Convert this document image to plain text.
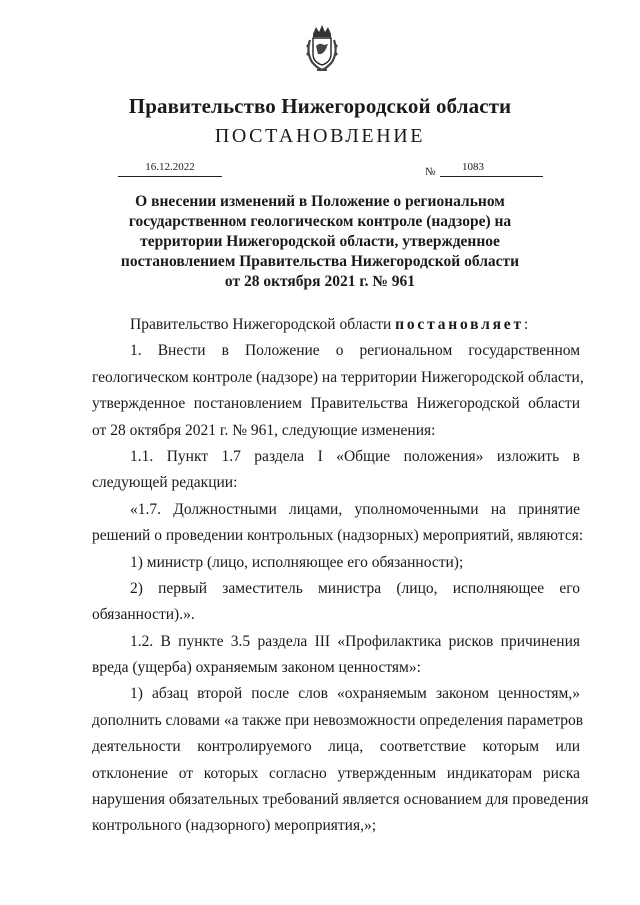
Правительство Нижегородской области
ПОСТАНОВЛЕНИЕ
16.12.2022	№ 1083
О внесении изменений в Положение о региональном
государственном геологическом контроле (надзоре) на
территории Нижегородской области, утвержденное
постановлением Правительства Нижегородской области
от 28 октября 2021 г. № 961
Правительство Нижегородской области постановляет:
1. Внести в Положение о региональном государственном
геологическом контроле (надзоре) на территории Нижегородской области,
утвержденное постановлением Правительства Нижегородской области
от 28 октября 2021 г. № 961, следующие изменения:
1.1. Пункт 1.7 раздела I «Общие положения» изложить в
следующей редакции:
«1.7. Должностными лицами, уполномоченными на принятие
решений о проведении контрольных (надзорных) мероприятий, являются:
1) министр (лицо, исполняющее его обязанности);
2) первый заместитель министра (лицо, исполняющее его
обязанности).».
1.2. В пункте 3.5 раздела III «Профилактика рисков причинения
вреда (ущерба) охраняемым законом ценностям»:
1) абзац второй после слов «охраняемым законом ценностям,»
дополнить словами «а также при невозможности определения параметров
деятельности контролируемого лица, соответствие которым или
отклонение от которых согласно утвержденным индикаторам риска
нарушения обязательных требований является основанием для проведения
контрольного (надзорного) мероприятия,»;
